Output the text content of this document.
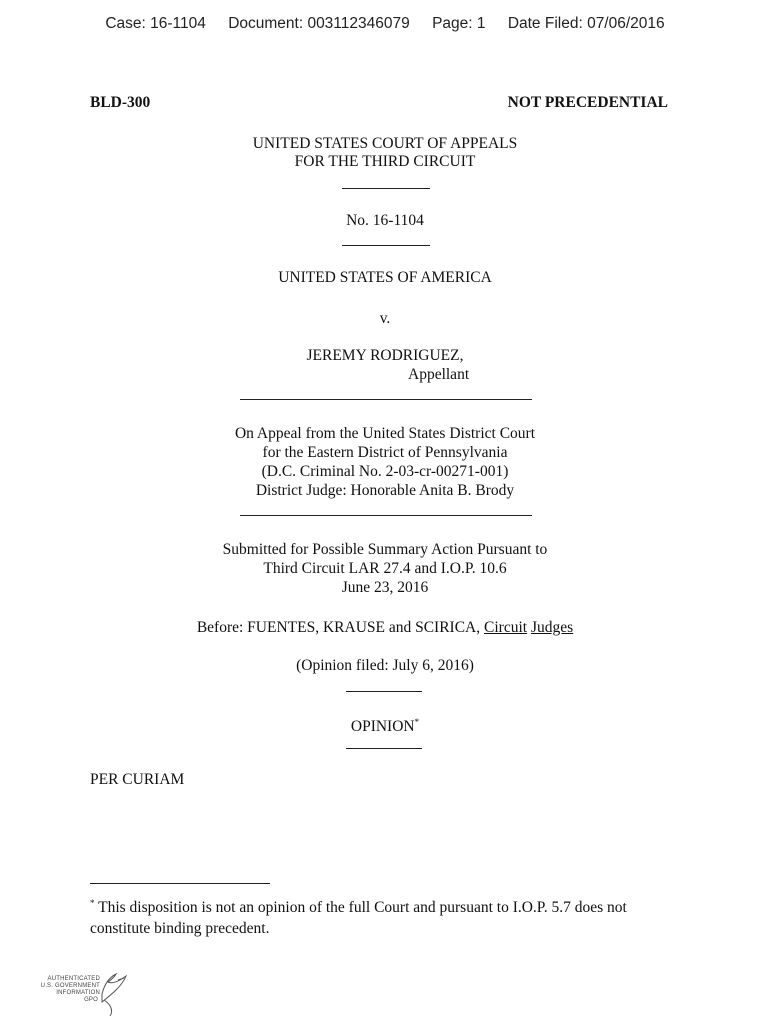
Case: 16-1104 Document: 003112346079 Page: 1 Date Filed: 07/06/2016
BLD-300	NOT PRECEDENTIAL
UNITED STATES COURT OF APPEALS
FOR THE THIRD CIRCUIT
No. 16-1104
UNITED STATES OF AMERICA
v.
JEREMY RODRIGUEZ,
Appellant
On Appeal from the United States District Court
for the Eastern District of Pennsylvania
(D.C. Criminal No. 2-03-cr-00271-001)
District Judge: Honorable Anita B. Brody
Submitted for Possible Summary Action Pursuant to
Third Circuit LAR 27.4 and I.O.P. 10.6
June 23, 2016
Before: FUENTES, KRAUSE and SCIRICA, Circuit Judges
(Opinion filed: July 6, 2016)
OPINION*
PER CURIAM
* This disposition is not an opinion of the full Court and pursuant to I.O.P. 5.7 does not constitute binding precedent.
AUTHENTICATED
U.S. GOVERNMENT
INFORMATION
GPO
